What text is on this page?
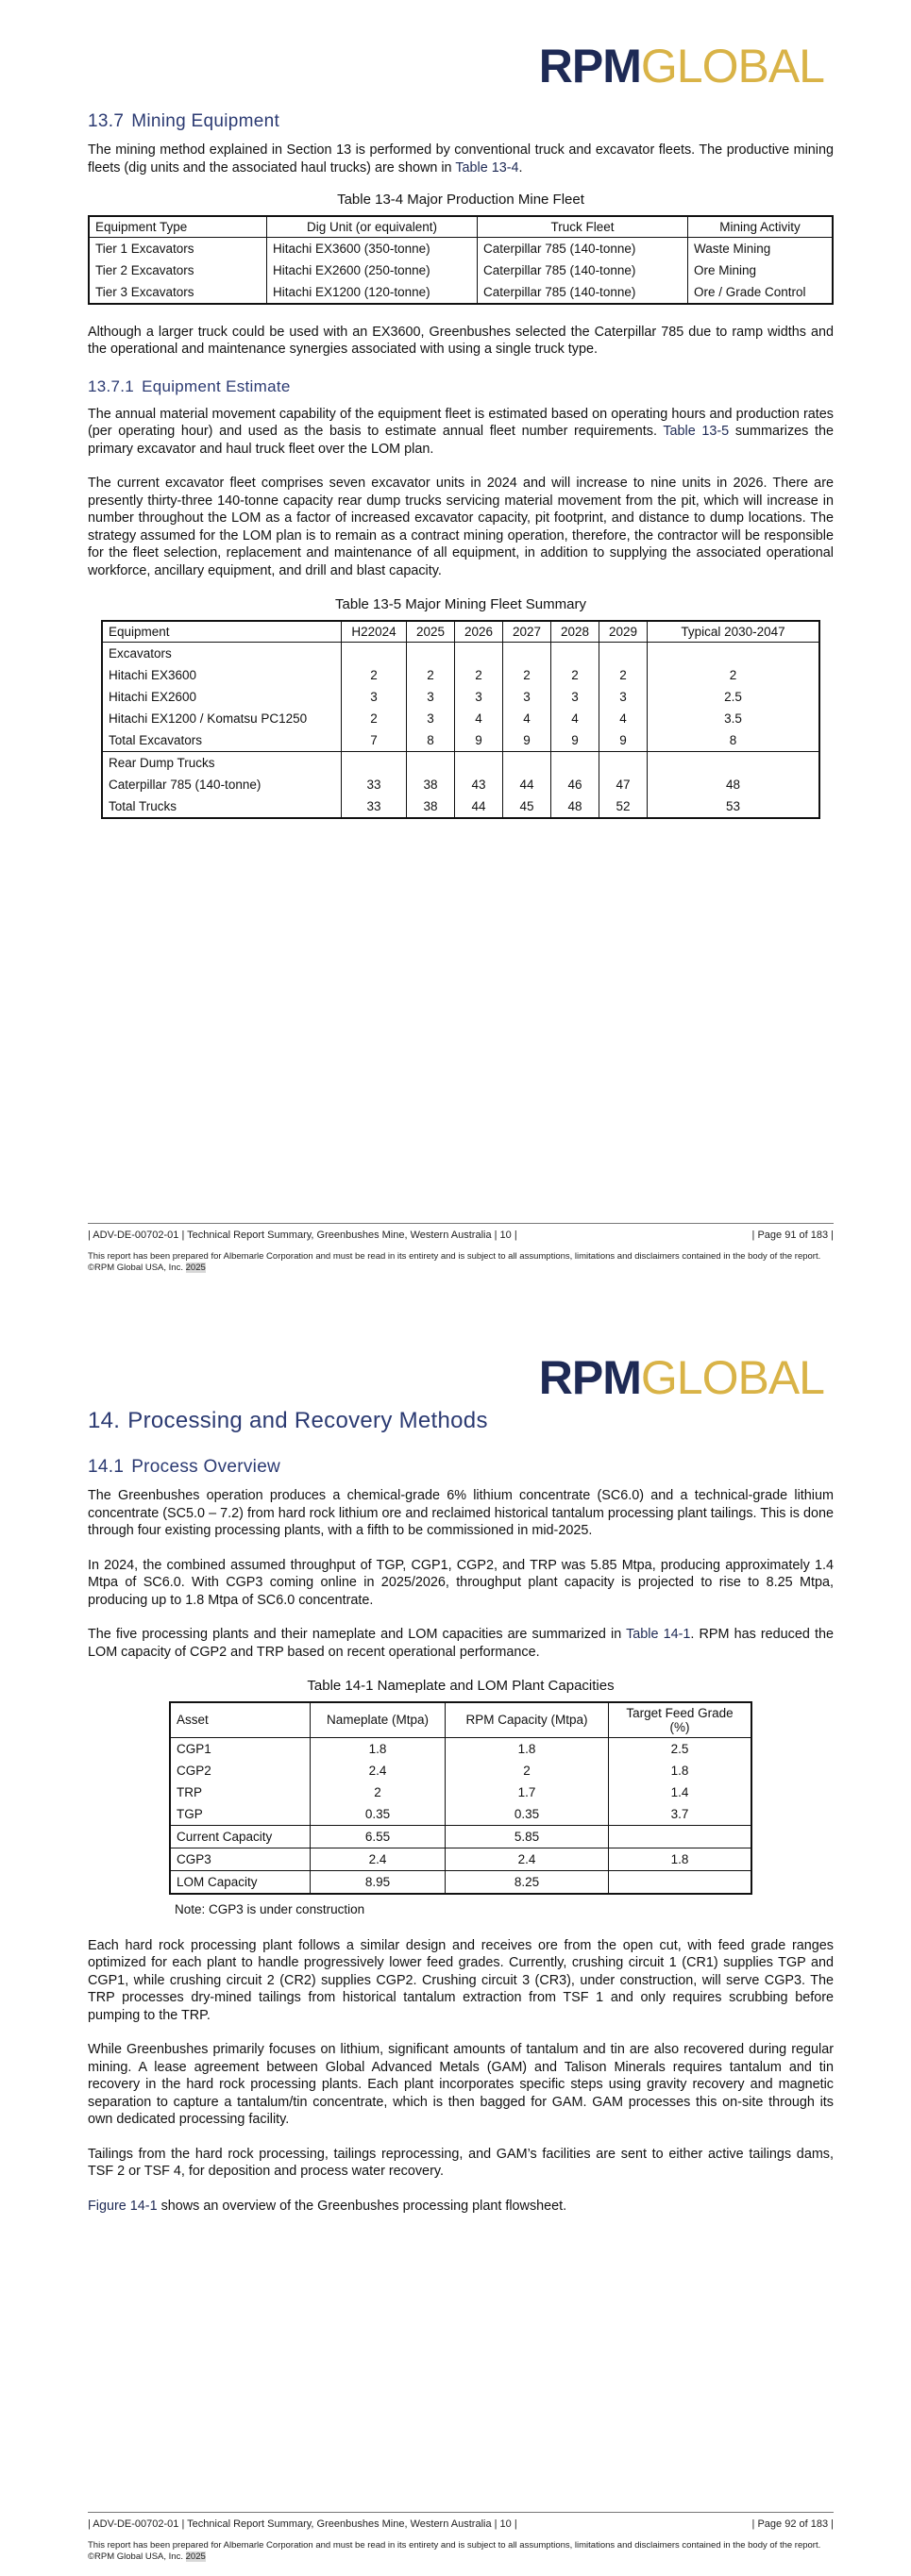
RPMGLOBAL
13.7 Mining Equipment

The mining method explained in Section 13 is performed by conventional truck and excavator fleets. The productive mining fleets (dig units and the associated haul trucks) are shown in Table 13-4.

Table 13-4 Major Production Mine Fleet

Equipment Type	Dig Unit (or equivalent)	Truck Fleet	Mining Activity
Tier 1 Excavators	Hitachi EX3600 (350-tonne)	Caterpillar 785 (140-tonne)	Waste Mining
Tier 2 Excavators	Hitachi EX2600 (250-tonne)	Caterpillar 785 (140-tonne)	Ore Mining
Tier 3 Excavators	Hitachi EX1200 (120-tonne)	Caterpillar 785 (140-tonne)	Ore / Grade Control

Although a larger truck could be used with an EX3600, Greenbushes selected the Caterpillar 785 due to ramp widths and the operational and maintenance synergies associated with using a single truck type.

13.7.1 Equipment Estimate

The annual material movement capability of the equipment fleet is estimated based on operating hours and production rates (per operating hour) and used as the basis to estimate annual fleet number requirements. Table 13-5 summarizes the primary excavator and haul truck fleet over the LOM plan.

The current excavator fleet comprises seven excavator units in 2024 and will increase to nine units in 2026. There are presently thirty-three 140-tonne capacity rear dump trucks servicing material movement from the pit, which will increase in number throughout the LOM as a factor of increased excavator capacity, pit footprint, and distance to dump locations. The strategy assumed for the LOM plan is to remain as a contract mining operation, therefore, the contractor will be responsible for the fleet selection, replacement and maintenance of all equipment, in addition to supplying the associated operational workforce, ancillary equipment, and drill and blast capacity.

Table 13-5 Major Mining Fleet Summary

Equipment	H22024	2025	2026	2027	2028	2029	Typical 2030-2047
Excavators							
Hitachi EX3600	2	2	2	2	2	2	2
Hitachi EX2600	3	3	3	3	3	3	2.5
Hitachi EX1200 / Komatsu PC1250	2	3	4	4	4	4	3.5
Total Excavators	7	8	9	9	9	9	8
Rear Dump Trucks							
Caterpillar 785 (140-tonne)	33	38	43	44	46	47	48
Total Trucks	33	38	44	45	48	52	53
| ADV-DE-00702-01 | Technical Report Summary, Greenbushes Mine, Western Australia | 10 |	| Page 91 of 183 |
This report has been prepared for Albemarle Corporation and must be read in its entirety and is subject to all assumptions, limitations and disclaimers contained in the body of the report. ©RPM Global USA, Inc. 2025
RPMGLOBAL
14. Processing and Recovery Methods
14.1 Process Overview

The Greenbushes operation produces a chemical-grade 6% lithium concentrate (SC6.0) and a technical-grade lithium concentrate (SC5.0 – 7.2) from hard rock lithium ore and reclaimed historical tantalum processing plant tailings. This is done through four existing processing plants, with a fifth to be commissioned in mid-2025.

In 2024, the combined assumed throughput of TGP, CGP1, CGP2, and TRP was 5.85 Mtpa, producing approximately 1.4 Mtpa of SC6.0. With CGP3 coming online in 2025/2026, throughput plant capacity is projected to rise to 8.25 Mtpa, producing up to 1.8 Mtpa of SC6.0 concentrate.

The five processing plants and their nameplate and LOM capacities are summarized in Table 14-1. RPM has reduced the LOM capacity of CGP2 and TRP based on recent operational performance.

Table 14-1 Nameplate and LOM Plant Capacities

Asset	Nameplate (Mtpa)	RPM Capacity (Mtpa)	Target Feed Grade (%)
CGP1	1.8	1.8	2.5
CGP2	2.4	2	1.8
TRP	2	1.7	1.4
TGP	0.35	0.35	3.7
Current Capacity	6.55	5.85	
CGP3	2.4	2.4	1.8
LOM Capacity	8.95	8.25	
Note: CGP3 is under construction

Each hard rock processing plant follows a similar design and receives ore from the open cut, with feed grade ranges optimized for each plant to handle progressively lower feed grades. Currently, crushing circuit 1 (CR1) supplies TGP and CGP1, while crushing circuit 2 (CR2) supplies CGP2. Crushing circuit 3 (CR3), under construction, will serve CGP3. The TRP processes dry-mined tailings from historical tantalum extraction from TSF 1 and only requires scrubbing before pumping to the TRP.

While Greenbushes primarily focuses on lithium, significant amounts of tantalum and tin are also recovered during regular mining. A lease agreement between Global Advanced Metals (GAM) and Talison Minerals requires tantalum and tin recovery in the hard rock processing plants. Each plant incorporates specific steps using gravity recovery and magnetic separation to capture a tantalum/tin concentrate, which is then bagged for GAM. GAM processes this on-site through its own dedicated processing facility.

Tailings from the hard rock processing, tailings reprocessing, and GAM’s facilities are sent to either active tailings dams, TSF 2 or TSF 4, for deposition and process water recovery.

Figure 14-1 shows an overview of the Greenbushes processing plant flowsheet.

| ADV-DE-00702-01 | Technical Report Summary, Greenbushes Mine, Western Australia | 10 |	| Page 92 of 183 |
This report has been prepared for Albemarle Corporation and must be read in its entirety and is subject to all assumptions, limitations and disclaimers contained in the body of the report. ©RPM Global USA, Inc. 2025
